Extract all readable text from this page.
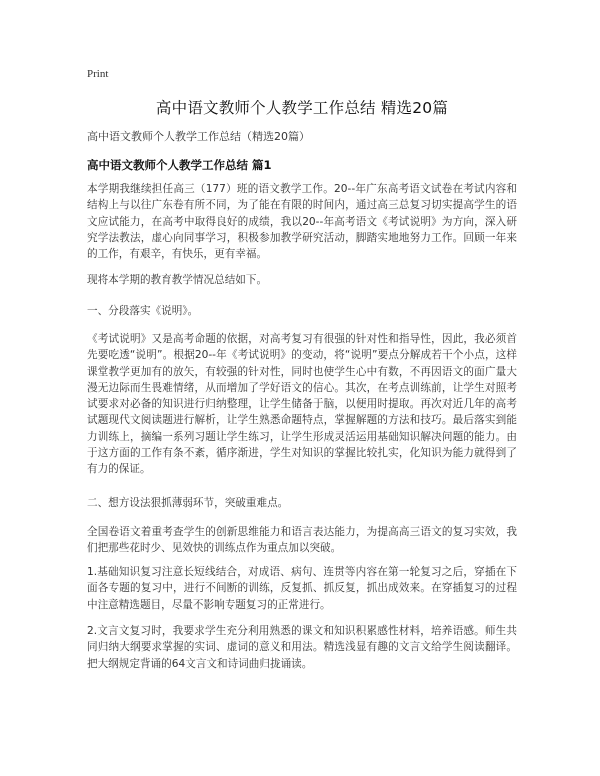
Print
高中语文教师个人教学工作总结 精选20篇
高中语文教师个人教学工作总结（精选20篇）
高中语文教师个人教学工作总结 篇1

本学期我继续担任高三（177）班的语文教学工作。20--年广东高考语文试卷在考试内容和结构上与以往广东卷有所不同，为了能在有限的时间内，通过高三总复习切实提高学生的语文应试能力，在高考中取得良好的成绩，我以20--年高考语文《考试说明》为方向，深入研究学法教法，虚心向同事学习，积极参加教学研究活动，脚踏实地地努力工作。回顾一年来的工作，有艰辛，有快乐，更有幸福。

现将本学期的教育教学情况总结如下。

一、分段落实《说明》。

《考试说明》又是高考命题的依据，对高考复习有很强的针对性和指导性，因此，我必须首先要吃透“说明”。根据20--年《考试说明》的变动，将“说明”要点分解成若干个小点，这样课堂教学更加有的放矢，有较强的针对性，同时也使学生心中有数，不再因语文的面广量大漫无边际而生畏难情绪，从而增加了学好语文的信心。其次，在考点训练前，让学生对照考试要求对必备的知识进行归纳整理，让学生储备于脑，以便用时提取。再次对近几年的高考试题现代文阅读题进行解析，让学生熟悉命题特点，掌握解题的方法和技巧。最后落实到能力训练上，摘编一系列习题让学生练习，让学生形成灵活运用基础知识解决问题的能力。由于这方面的工作有条不紊，循序渐进，学生对知识的掌握比较扎实，化知识为能力就得到了有力的保证。

二、想方设法狠抓薄弱环节，突破重难点。

全国卷语文着重考查学生的创新思维能力和语言表达能力，为提高高三语文的复习实效，我们把那些花时少、见效快的训练点作为重点加以突破。

1.基础知识复习注意长短线结合，对成语、病句、连贯等内容在第一轮复习之后，穿插在下面各专题的复习中，进行不间断的训练，反复抓、抓反复，抓出成效来。在穿插复习的过程中注意精选题目，尽量不影响专题复习的正常进行。

2.文言文复习时，我要求学生充分利用熟悉的课文和知识积累感性材料，培养语感。师生共同归纳大纲要求掌握的实词、虚词的意义和用法。精选浅显有趣的文言文给学生阅读翻译。把大纲规定背诵的64文言文和诗词曲归拢诵读。
